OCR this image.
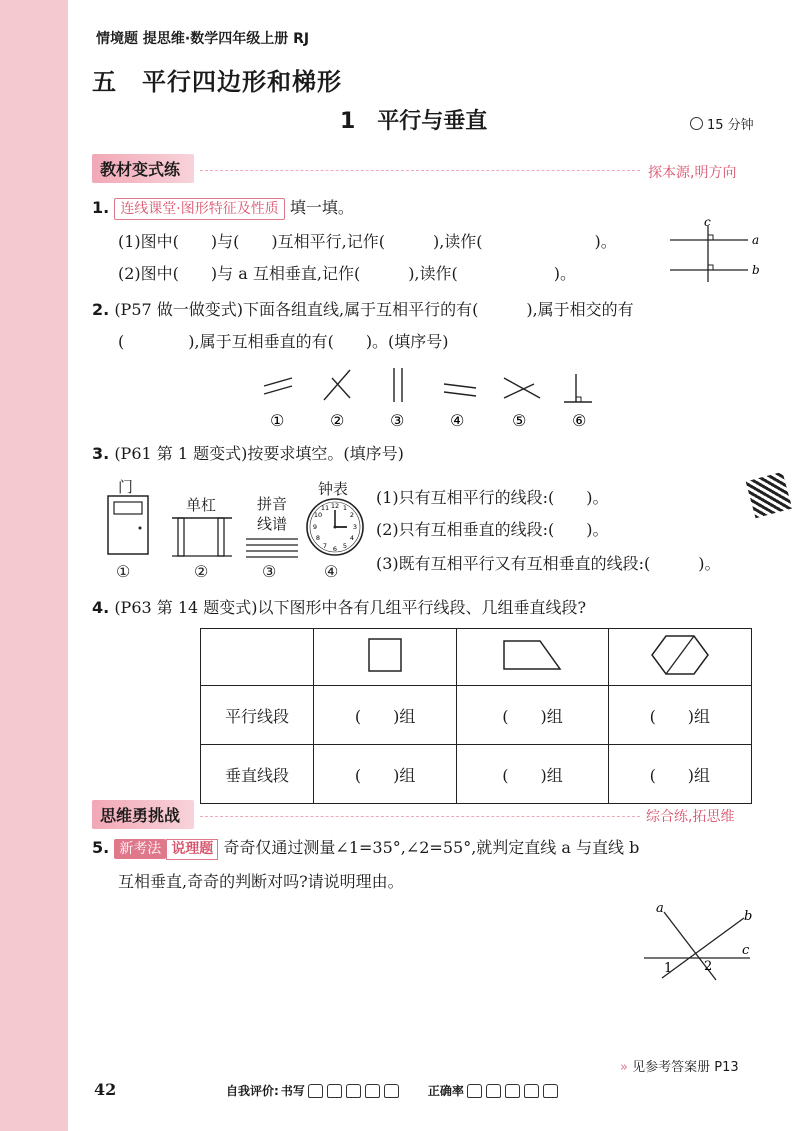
情境题 提思维·数学四年级上册 RJ
五　平行四边形和梯形
1　平行与垂直	15 分钟
教材变式练	探本源,明方向
1. 连线课堂·图形特征及性质 填一填。
(1)图中(　　)与(　　)互相平行,记作(　　　),读作(　　　　　　　)。
(2)图中(　　)与 a 互相垂直,记作(　　　),读作(　　　　　　)。
c
a
b
2. (P57 做一做变式)下面各组直线,属于互相平行的有(　　　),属于相交的有
(　　　　),属于互相垂直的有(　　)。(填序号)
①	②	③	④	⑤	⑥
3. (P61 第 1 题变式)按要求填空。(填序号)
门
①
单杠
②
拼音
线谱
③
钟表
12 1
2
3
4
5
6
7
8
9
10
11
④
(1)只有互相平行的线段:(　　)。
(2)只有互相垂直的线段:(　　)。
(3)既有互相平行又有互相垂直的线段:(　　　)。
4. (P63 第 14 题变式)以下图形中各有几组平行线段、几组垂直线段?

平行线段	(　　)组	(　　)组	(　　)组
垂直线段	(　　)组	(　　)组	(　　)组
思维勇挑战	综合练,拓思维
5. 新考法 说理题 奇奇仅通过测量∠1=35°,∠2=55°,就判定直线 a 与直线 b
互相垂直,奇奇的判断对吗?请说明理由。
a
b
c
1 2
» 见参考答案册 P13
42	自我评价: 书写	正确率
